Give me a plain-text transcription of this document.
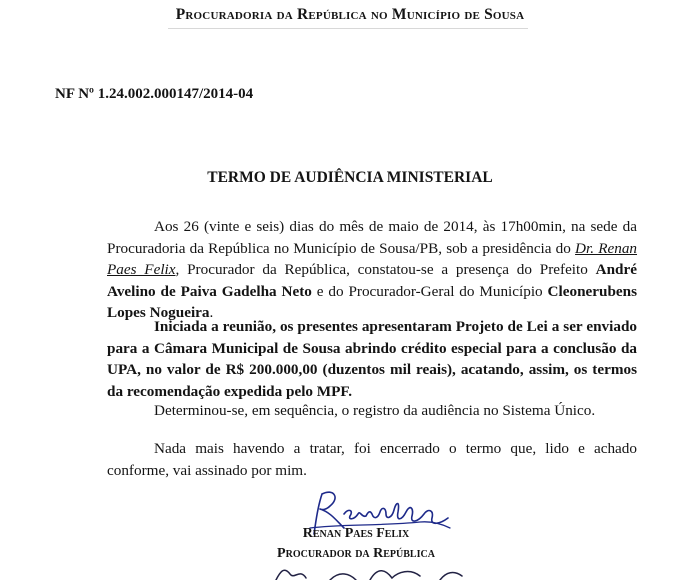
Procuradoria da República no Município de Sousa
NF Nº 1.24.002.000147/2014-04
TERMO DE AUDIÊNCIA MINISTERIAL

Aos 26 (vinte e seis) dias do mês de maio de 2014, às 17h00min, na sede da Procuradoria da República no Município de Sousa/PB, sob a presidência do Dr. Renan Paes Felix, Procurador da República, constatou-se a presença do Prefeito André Avelino de Paiva Gadelha Neto e do Procurador-Geral do Município Cleonerubens Lopes Nogueira.

Iniciada a reunião, os presentes apresentaram Projeto de Lei a ser enviado para a Câmara Municipal de Sousa abrindo crédito especial para a conclusão da UPA, no valor de R$ 200.000,00 (duzentos mil reais), acatando, assim, os termos da recomendação expedida pelo MPF.

Determinou-se, em sequência, o registro da audiência no Sistema Único.

Nada mais havendo a tratar, foi encerrado o termo que, lido e achado conforme, vai assinado por mim.

Renan Paes Felix
Procurador da República
